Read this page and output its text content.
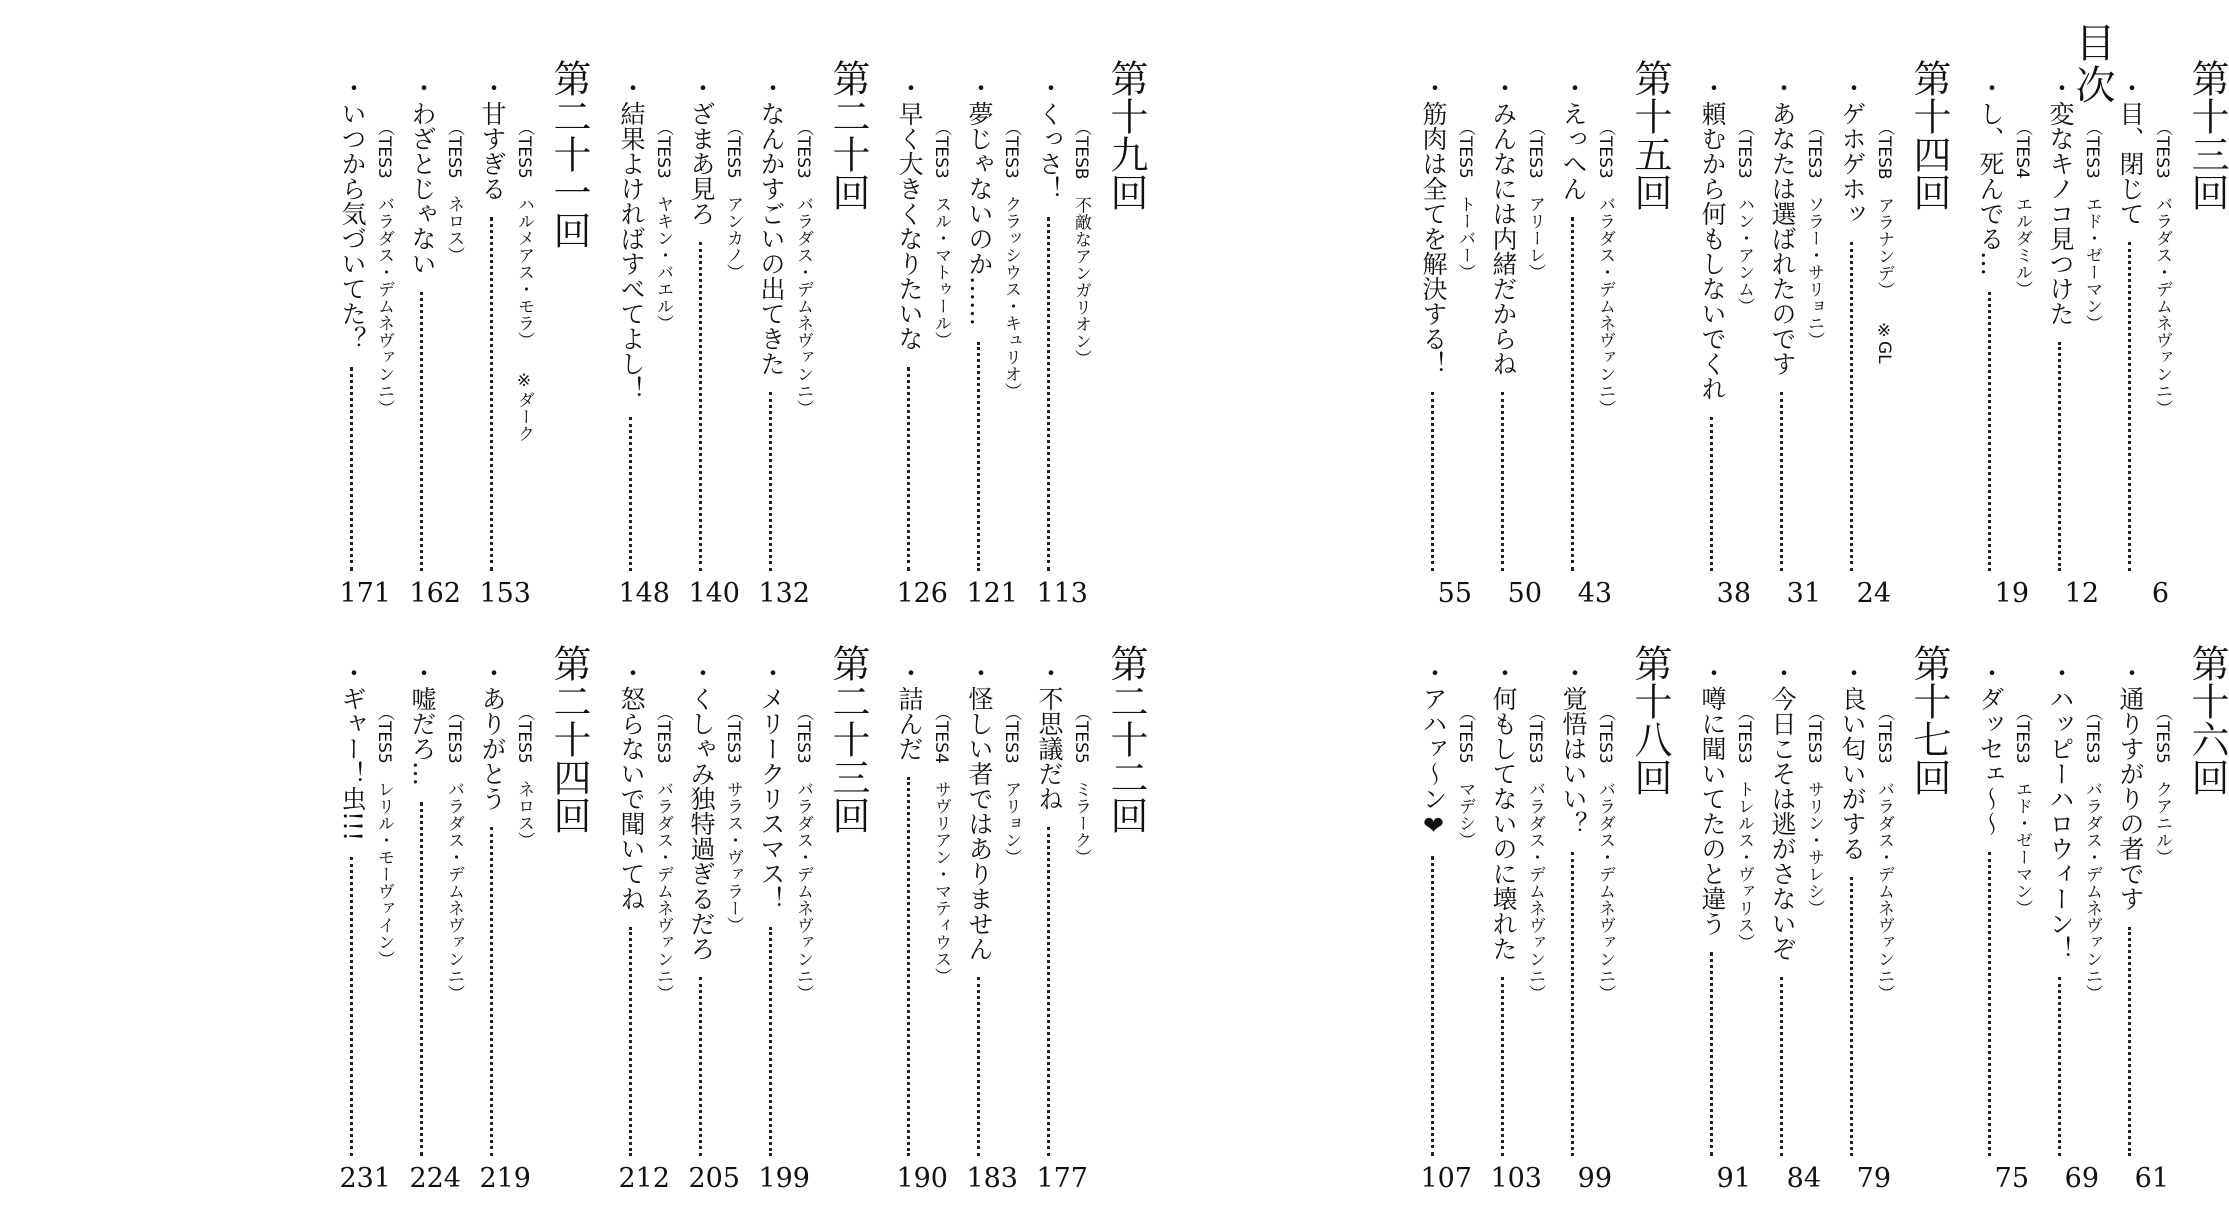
目次 第十三回
・
目、閉じて （TES3　バラダス・デムネヴァンニ）
6
・
変なキノコ見つけた （TES3　エド・ゼーマン）
12
・
し、死んでる… （TES4　エルダミル）
19
第十四回
・
ゲホゲホッ （TESB　アラナンデ）※GL
24
・
あなたは選ばれたのです （TES3　ソラー・サリョニ）
31
・
頼むから何もしないでくれ （TES3　ハン・アンム）
38
第十五回
・
えっへん （TES3　バラダス・デムネヴァンニ）
43
・
みんなには内緒だからね （TES3　アリーレ）
50
・
筋肉は全てを解決する！ （TES5　トーバー）
55
第十六回
・
通りすがりの者です （TES5　クアニル）
61
・
ハッピーハロウィーン！ （TES3　バラダス・デムネヴァンニ）
69
・
ダッセェ〜〜 （TES3　エド・ゼーマン）
75
第十七回
・
良い匂いがする （TES3　バラダス・デムネヴァンニ）
79
・
今日こそは逃がさないぞ （TES3　サリン・サレシ）
84
・
噂に聞いてたのと違う （TES3　トレルス・ヴァリス）
91
第十八回
・
覚悟はいい？ （TES3　バラダス・デムネヴァンニ）
99
・
何もしてないのに壊れた （TES3　バラダス・デムネヴァンニ）
103
・
アハァ〜ン❤ （TES5　マデシ）
107
第十九回
・
くっさ！ （TESB　不敵なアンガリオン）
113
・
夢じゃないのか…… （TES3　クラッシウス・キュリオ）
121
・
早く大きくなりたいな （TES3　スル・マトゥール）
126
第二十回
・
なんかすごいの出てきた （TES3　バラダス・デムネヴァンニ）
132
・
ざまあ見ろ （TES5　アンカノ）
140
・
結果よければすべてよし！ （TES3　ヤキン・バエル）
148
第二十一回
・
甘すぎる （TES5　ハルメアス・モラ）※ダーク
153
・
わざとじゃない （TES5　ネロス）
162
・
いつから気づいてた？ （TES3　バラダス・デムネヴァンニ）
171
第二十二回
・
不思議だね （TES5　ミラーク）
177
・
怪しい者ではありません （TES3　アリョン）
183
・
詰んだ （TES4　サヴリアン・マティウス）
190
第二十三回
・
メリークリスマス！ （TES3　バラダス・デムネヴァンニ）
199
・
くしゃみ独特過ぎるだろ （TES3　サラス・ヴァラー）
205
・
怒らないで聞いてね （TES3　バラダス・デムネヴァンニ）
212
第二十四回
・
ありがとう （TES5　ネロス）
219
・
嘘だろ… （TES3　バラダス・デムネヴァンニ）
224
・
ギャー！虫!!! （TES5　レリル・モーヴァイン）
231
